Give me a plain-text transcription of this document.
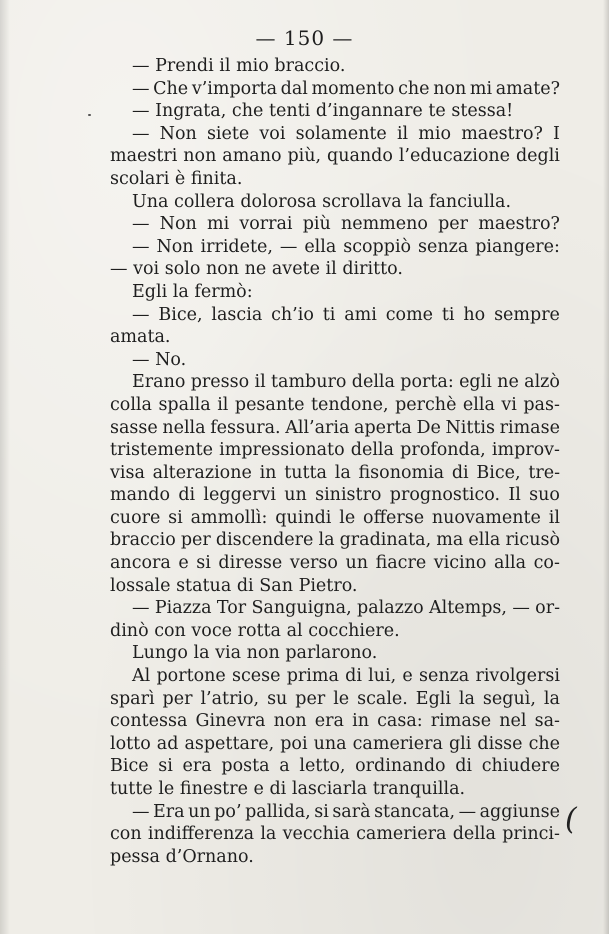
— 150 —
— Prendi il mio braccio.
— Che v’importa dal momento che non mi amate?
— Ingrata, che tenti d’ingannare te stessa!
— Non siete voi solamente il mio maestro? I
maestri non amano più, quando l’educazione degli
scolari è finita.
Una collera dolorosa scrollava la fanciulla.
— Non mi vorrai più nemmeno per maestro?
— Non irridete, — ella scoppiò senza piangere:
— voi solo non ne avete il diritto.
Egli la fermò:
— Bice, lascia ch’io ti ami come ti ho sempre
amata.
— No.
Erano presso il tamburo della porta: egli ne alzò
colla spalla il pesante tendone, perchè ella vi pas-
sasse nella fessura. All’aria aperta De Nittis rimase
tristemente impressionato della profonda, improv-
visa alterazione in tutta la fisonomia di Bice, tre-
mando di leggervi un sinistro prognostico. Il suo
cuore si ammollì: quindi le offerse nuovamente il
braccio per discendere la gradinata, ma ella ricusò
ancora e si diresse verso un fiacre vicino alla co-
lossale statua di San Pietro.
— Piazza Tor Sanguigna, palazzo Altemps, — or-
dinò con voce rotta al cocchiere.
Lungo la via non parlarono.
Al portone scese prima di lui, e senza rivolgersi
sparì per l’atrio, su per le scale. Egli la seguì, la
contessa Ginevra non era in casa: rimase nel sa-
lotto ad aspettare, poi una cameriera gli disse che
Bice si era posta a letto, ordinando di chiudere
tutte le finestre e di lasciarla tranquilla.
— Era un po’ pallida, si sarà stancata, — aggiunse
con indifferenza la vecchia cameriera della princi-
pessa d’Ornano.
(
